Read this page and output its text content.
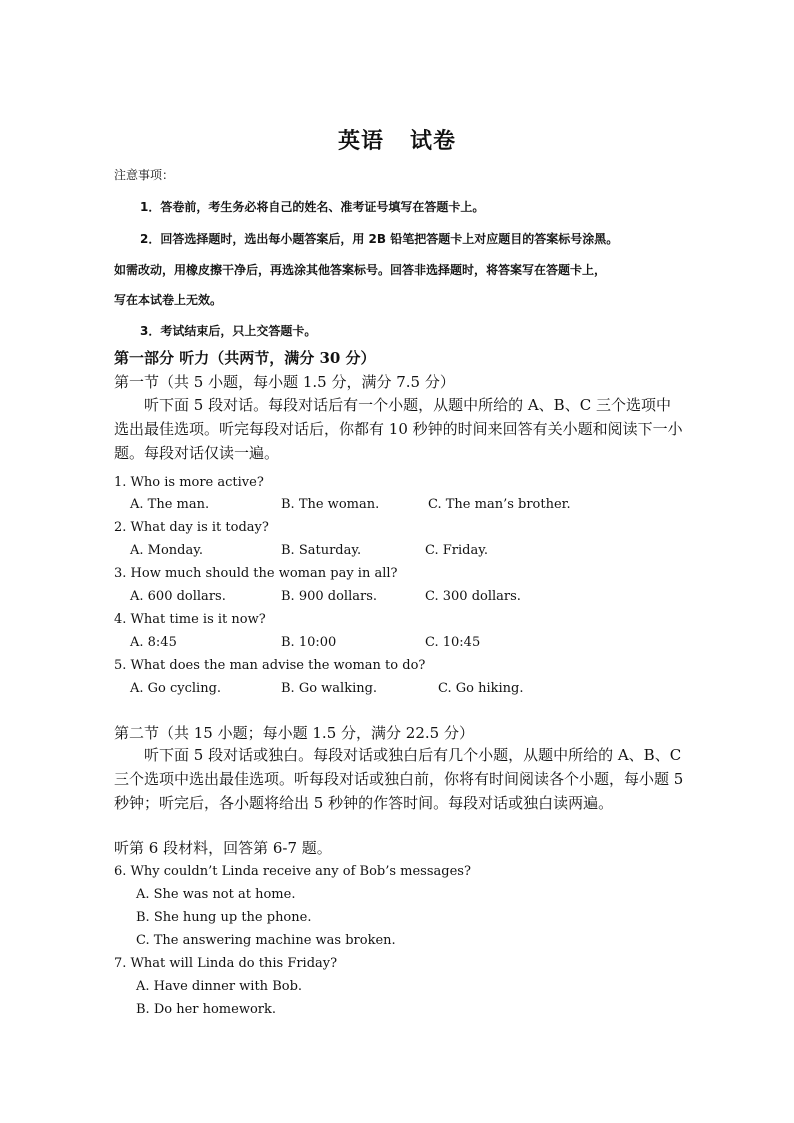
英语 试卷
注意事项：
1．答卷前，考生务必将自己的姓名、准考证号填写在答题卡上。
2．回答选择题时，选出每小题答案后，用 2B 铅笔把答题卡上对应题目的答案标号涂黑。
如需改动，用橡皮擦干净后，再选涂其他答案标号。回答非选择题时，将答案写在答题卡上，
写在本试卷上无效。
3．考试结束后，只上交答题卡。
第一部分 听力（共两节，满分 30 分）
第一节（共 5 小题，每小题 1.5 分，满分 7.5 分）
听下面 5 段对话。每段对话后有一个小题，从题中所给的 A、B、C 三个选项中选出最佳选项。听完每段对话后，你都有 10 秒钟的时间来回答有关小题和阅读下一小题。每段对话仅读一遍。
1. Who is more active?
A. The man.	B. The woman.	C. The man’s brother.
2. What day is it today?
A. Monday.	B. Saturday.	C. Friday.
3. How much should the woman pay in all?
A. 600 dollars.	B. 900 dollars.	C. 300 dollars.
4. What time is it now?
A. 8:45	B. 10:00	C. 10:45
5. What does the man advise the woman to do?
A. Go cycling.	B. Go walking.	C. Go hiking.
第二节（共 15 小题；每小题 1.5 分，满分 22.5 分）
听下面 5 段对话或独白。每段对话或独白后有几个小题，从题中所给的 A、B、C 三个选项中选出最佳选项。听每段对话或独白前，你将有时间阅读各个小题，每小题 5 秒钟；听完后，各小题将给出 5 秒钟的作答时间。每段对话或独白读两遍。
听第 6 段材料，回答第 6-7 题。
6. Why couldn’t Linda receive any of Bob’s messages?
A. She was not at home.
B. She hung up the phone.
C. The answering machine was broken.
7. What will Linda do this Friday?
A. Have dinner with Bob.
B. Do her homework.
